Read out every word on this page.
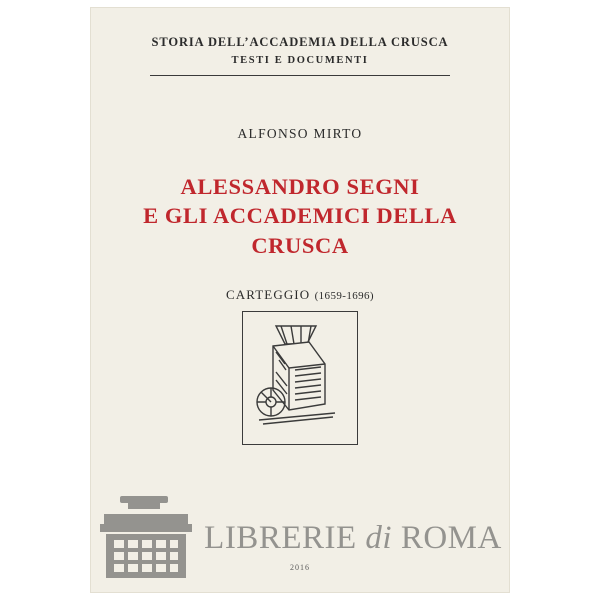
STORIA DELL’ACCADEMIA DELLA CRUSCA
TESTI E DOCUMENTI
ALFONSO MIRTO
ALESSANDRO SEGNI
E GLI ACCADEMICI DELLA CRUSCA
CARTEGGIO (1659-1696)
LIBRERIE di ROMA
2016
